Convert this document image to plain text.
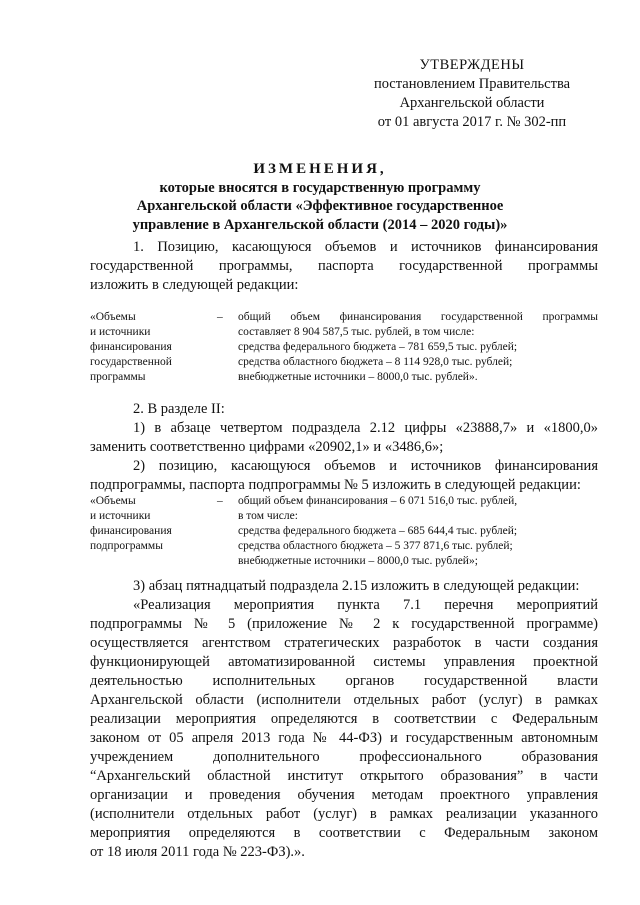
УТВЕРЖДЕНЫ
постановлением Правительства
Архангельской области
от 01 августа 2017 г. № 302-пп
ИЗМЕНЕНИЯ,
которые вносятся в государственную программу
Архангельской области «Эффективное государственное
управление в Архангельской области (2014 – 2020 годы)»
1. Позицию, касающуюся объемов и источников финансирования
государственной программы, паспорта государственной программы
изложить в следующей редакции:
«Объемы
и источники
финансирования
государственной
программы
– общий объем финансирования государственной программы
составляет 8 904 587,5 тыс. рублей, в том числе:
средства федерального бюджета – 781 659,5 тыс. рублей;
средства областного бюджета – 8 114 928,0 тыс. рублей;
внебюджетные источники – 8000,0 тыс. рублей».
2. В разделе II:
1) в абзаце четвертом подраздела 2.12 цифры «23888,7» и «1800,0»
заменить соответственно цифрами «20902,1» и «3486,6»;
2) позицию, касающуюся объемов и источников финансирования
подпрограммы, паспорта подпрограммы № 5 изложить в следующей редакции:
«Объемы
и источники
финансирования
подпрограммы
– общий объем финансирования – 6 071 516,0 тыс. рублей,
в том числе:
средства федерального бюджета – 685 644,4 тыс. рублей;
средства областного бюджета – 5 377 871,6 тыс. рублей;
внебюджетные источники – 8000,0 тыс. рублей»;
3) абзац пятнадцатый подраздела 2.15 изложить в следующей редакции:
«Реализация мероприятия пункта 7.1 перечня мероприятий
подпрограммы № 5 (приложение № 2 к государственной программе)
осуществляется агентством стратегических разработок в части создания
функционирующей автоматизированной системы управления проектной
деятельностью исполнительных органов государственной власти
Архангельской области (исполнители отдельных работ (услуг) в рамках
реализации мероприятия определяются в соответствии с Федеральным
законом от 05 апреля 2013 года № 44-ФЗ) и государственным автономным
учреждением дополнительного профессионального образования
“Архангельский областной институт открытого образования” в части
организации и проведения обучения методам проектного управления
(исполнители отдельных работ (услуг) в рамках реализации указанного
мероприятия определяются в соответствии с Федеральным законом
от 18 июля 2011 года № 223-ФЗ).».
